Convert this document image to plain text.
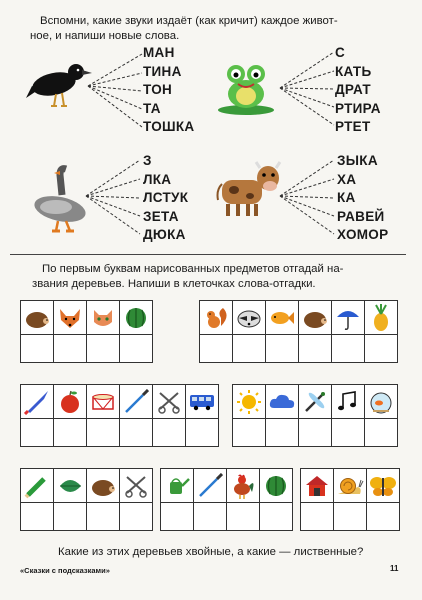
Вспомни, какие звуки издаёт (как кричит) каждое живот-
ное, и напиши новые слова.
МАН
ТИНА
ТОН
ТА
ТОШКА
С
КАТЬ
ДРАТ
РТИРА
РТЕТ
З
ЛКА
ЛСТУК
ЗЕТА
ДЮКА
ЗЫКА
ХА
КА
РАВЕЙ
ХОМОР
По первым буквам нарисованных предметов отгадай на-
звания деревьев. Напиши в клеточках слова-отгадки.

Какие из этих деревьев хвойные, а какие — лиственные?
«Сказки с подсказками»	11
